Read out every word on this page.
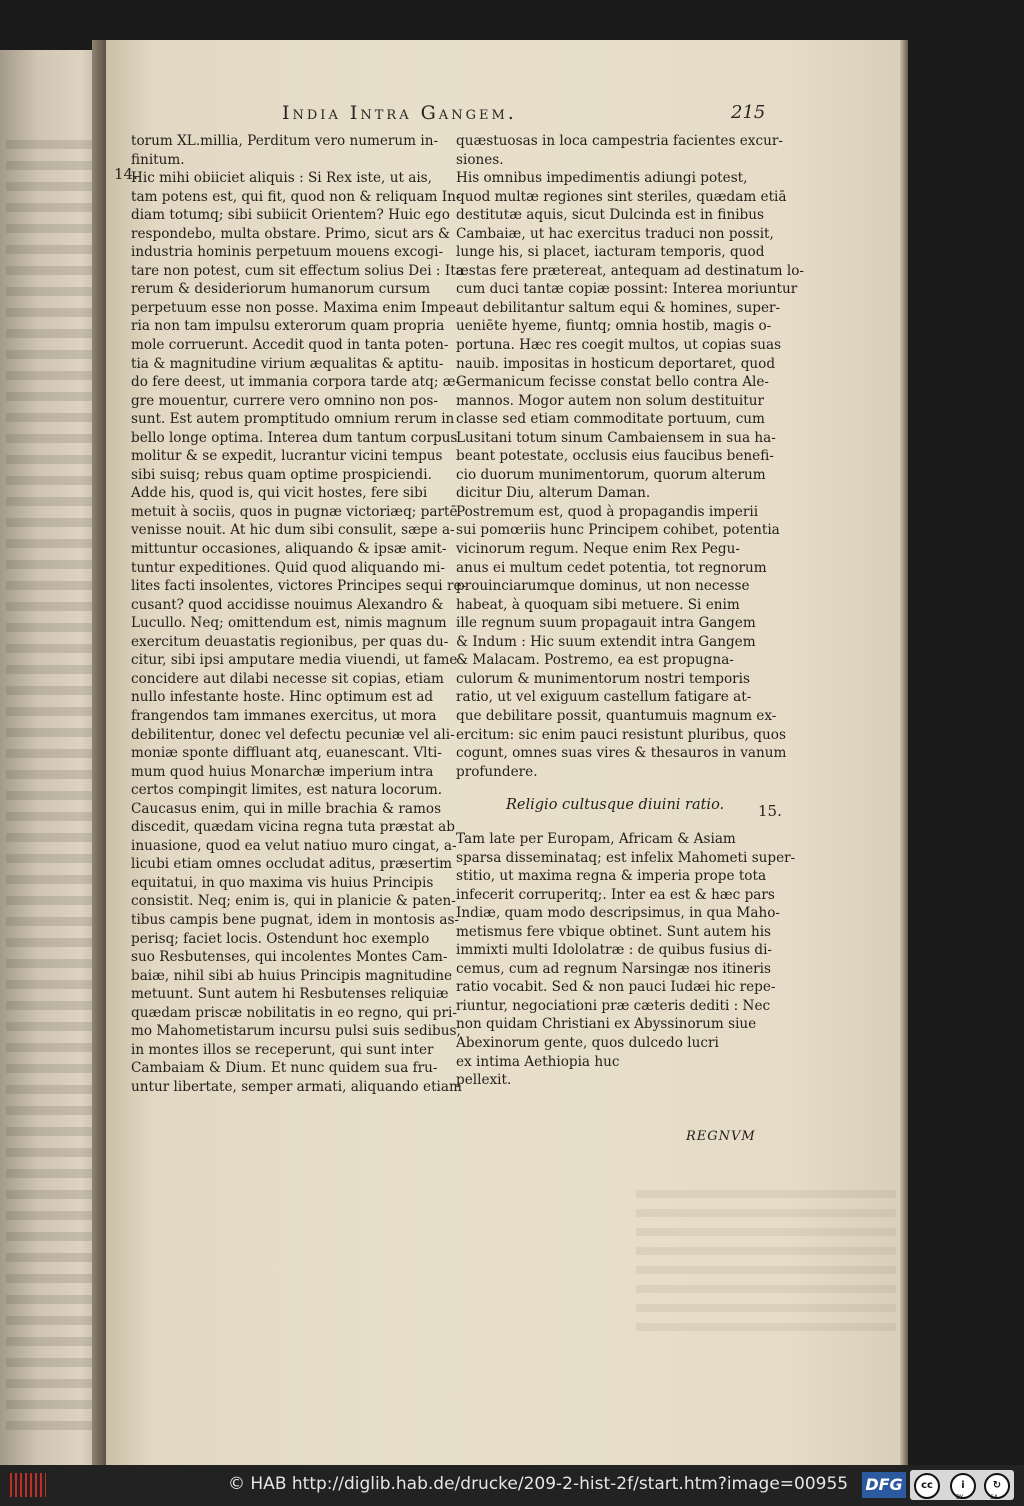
India Intra Gangem.	215
14.
15.
torum XL.millia, Perditum vero numerum in-
finitum.
Hic mihi obiiciet aliquis : Si Rex iste, ut ais,
tam potens est, qui fit, quod non & reliquam In-
diam totumq; sibi subiicit Orientem? Huic ego
respondebo, multa obstare. Primo, sicut ars &
industria hominis perpetuum mouens excogi-
tare non potest, cum sit effectum solius Dei : Ita
rerum & desideriorum humanorum cursum
perpetuum esse non posse. Maxima enim Impe-
ria non tam impulsu exterorum quam propria
mole corruerunt. Accedit quod in tanta poten-
tia & magnitudine virium æqualitas & aptitu-
do fere deest, ut immania corpora tarde atq; æ-
gre mouentur, currere vero omnino non pos-
sunt. Est autem promptitudo omnium rerum in
bello longe optima. Interea dum tantum corpus
molitur & se expedit, lucrantur vicini tempus
sibi suisq; rebus quam optime prospiciendi.
Adde his, quod is, qui vicit hostes, fere sibi
metuit à sociis, quos in pugnæ victoriæq; partē
venisse nouit. At hic dum sibi consulit, sæpe a-
mittuntur occasiones, aliquando & ipsæ amit-
tuntur expeditiones. Quid quod aliquando mi-
lites facti insolentes, victores Principes sequi re-
cusant? quod accidisse nouimus Alexandro &
Lucullo. Neq; omittendum est, nimis magnum
exercitum deuastatis regionibus, per quas du-
citur, sibi ipsi amputare media viuendi, ut fame
concidere aut dilabi necesse sit copias, etiam
nullo infestante hoste. Hinc optimum est ad
frangendos tam immanes exercitus, ut mora
debilitentur, donec vel defectu pecuniæ vel ali-
moniæ sponte diffluant atq, euanescant. Vlti-
mum quod huius Monarchæ imperium intra
certos compingit limites, est natura locorum.
Caucasus enim, qui in mille brachia & ramos
discedit, quædam vicina regna tuta præstat ab
inuasione, quod ea velut natiuo muro cingat, a-
licubi etiam omnes occludat aditus, præsertim
equitatui, in quo maxima vis huius Principis
consistit. Neq; enim is, qui in planicie & paten-
tibus campis bene pugnat, idem in montosis as-
perisq; faciet locis. Ostendunt hoc exemplo
suo Resbutenses, qui incolentes Montes Cam-
baiæ, nihil sibi ab huius Principis magnitudine
metuunt. Sunt autem hi Resbutenses reliquiæ
quædam priscæ nobilitatis in eo regno, qui pri-
mo Mahometistarum incursu pulsi suis sedibus,
in montes illos se receperunt, qui sunt inter
Cambaiam & Dium. Et nunc quidem sua fru-
untur libertate, semper armati, aliquando etiam
quæstuosas in loca campestria facientes excur-
siones.
His omnibus impedimentis adiungi potest,
quod multæ regiones sint steriles, quædam etiā
destitutæ aquis, sicut Dulcinda est in finibus
Cambaiæ, ut hac exercitus traduci non possit,
lunge his, si placet, iacturam temporis, quod
æstas fere prætereat, antequam ad destinatum lo-
cum duci tantæ copiæ possint: Interea moriuntur
aut debilitantur saltum equi & homines, super-
ueniēte hyeme, fiuntq; omnia hostib, magis o-
portuna. Hæc res coegit multos, ut copias suas
nauib. impositas in hosticum deportaret, quod
Germanicum fecisse constat bello contra Ale-
mannos. Mogor autem non solum destituitur
classe sed etiam commoditate portuum, cum
Lusitani totum sinum Cambaiensem in sua ha-
beant potestate, occlusis eius faucibus benefi-
cio duorum munimentorum, quorum alterum
dicitur Diu, alterum Daman.
Postremum est, quod à propagandis imperii
sui pomœriis hunc Principem cohibet, potentia
vicinorum regum. Neque enim Rex Pegu-
anus ei multum cedet potentia, tot regnorum
prouinciarumque dominus, ut non necesse
habeat, à quoquam sibi metuere. Si enim
ille regnum suum propagauit intra Gangem
& Indum : Hic suum extendit intra Gangem
& Malacam. Postremo, ea est propugna-
culorum & munimentorum nostri temporis
ratio, ut vel exiguum castellum fatigare at-
que debilitare possit, quantumuis magnum ex-
ercitum: sic enim pauci resistunt pluribus, quos
cogunt, omnes suas vires & thesauros in vanum
profundere.
Religio cultusque diuini ratio.
Tam late per Europam, Africam & Asiam
sparsa disseminataq; est infelix Mahometi super-
stitio, ut maxima regna & imperia prope tota
infecerit corruperitq;. Inter ea est & hæc pars
Indiæ, quam modo descripsimus, in qua Maho-
metismus fere vbique obtinet. Sunt autem his
immixti multi Idololatræ : de quibus fusius di-
cemus, cum ad regnum Narsingæ nos itineris
ratio vocabit. Sed & non pauci Iudæi hic repe-
riuntur, negociationi præ cæteris dediti : Nec
non quidam Christiani ex Abyssinorum siue
Abexinorum gente, quos dulcedo lucri
ex intima Aethiopia huc
pellexit.
REGNVM
© HAB http://diglib.hab.de/drucke/209-2-hist-2f/start.htm?image=00955 DFG	cc	i	↻
BY	SA
